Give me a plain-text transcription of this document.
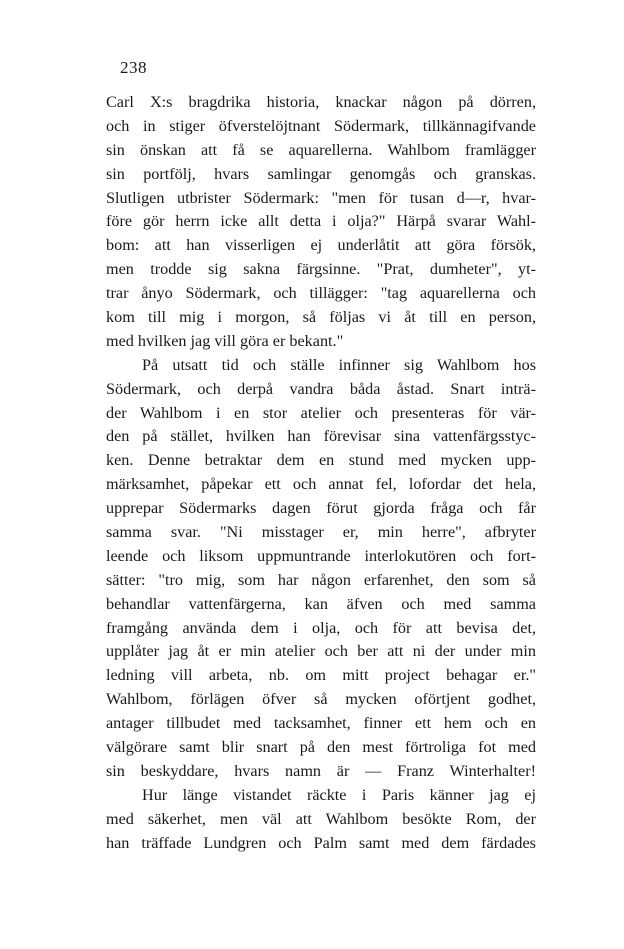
238
Carl X:s bragdrika historia, knackar någon på dörren,
och in stiger öfverstelöjtnant Södermark, tillkännagifvande
sin önskan att få se aquarellerna. Wahlbom framlägger
sin portfölj, hvars samlingar genomgås och granskas.
Slutligen utbrister Södermark: "men för tusan d—r, hvar-
före gör herrn icke allt detta i olja?" Härpå svarar Wahl-
bom: att han visserligen ej underlåtit att göra försök,
men trodde sig sakna färgsinne. "Prat, dumheter", yt-
trar ånyo Södermark, och tillägger: "tag aquarellerna och
kom till mig i morgon, så följas vi åt till en person,
med hvilken jag vill göra er bekant."
På utsatt tid och ställe infinner sig Wahlbom hos
Södermark, och derpå vandra båda åstad. Snart inträ-
der Wahlbom i en stor atelier och presenteras för vär-
den på stället, hvilken han förevisar sina vattenfärgsstyc-
ken. Denne betraktar dem en stund med mycken upp-
märksamhet, påpekar ett och annat fel, lofordar det hela,
upprepar Södermarks dagen förut gjorda fråga och får
samma svar. "Ni misstager er, min herre", afbryter
leende och liksom uppmuntrande interlokutören och fort-
sätter: "tro mig, som har någon erfarenhet, den som så
behandlar vattenfärgerna, kan äfven och med samma
framgång använda dem i olja, och för att bevisa det,
upplåter jag åt er min atelier och ber att ni der under min
ledning vill arbeta, nb. om mitt project behagar er."
Wahlbom, förlägen öfver så mycken oförtjent godhet,
antager tillbudet med tacksamhet, finner ett hem och en
välgörare samt blir snart på den mest förtroliga fot med
sin beskyddare, hvars namn är — Franz Winterhalter!
Hur länge vistandet räckte i Paris känner jag ej
med säkerhet, men väl att Wahlbom besökte Rom, der
han träffade Lundgren och Palm samt med dem färdades
